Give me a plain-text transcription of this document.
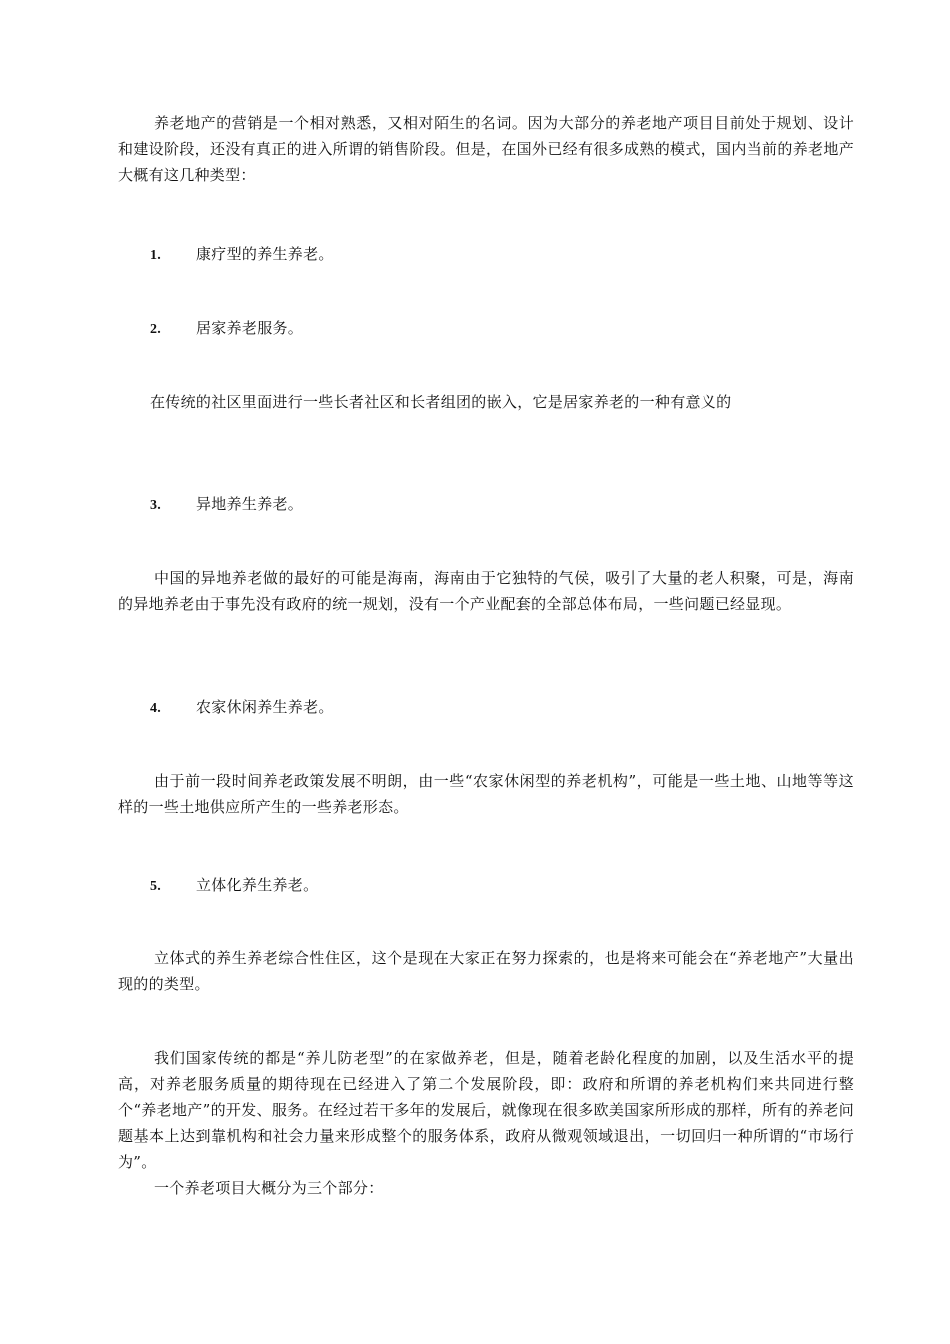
养老地产的营销是一个相对熟悉，又相对陌生的名词。因为大部分的养老地产项目目前处于规划、设计和建设阶段，还没有真正的进入所谓的销售阶段。但是，在国外已经有很多成熟的模式，国内当前的养老地产大概有这几种类型：

1. 康疗型的养生养老。

2. 居家养老服务。

在传统的社区里面进行一些长者社区和长者组团的嵌入，它是居家养老的一种有意义的

3. 异地养生养老。

中国的异地养老做的最好的可能是海南，海南由于它独特的气侯，吸引了大量的老人积聚，可是，海南的异地养老由于事先没有政府的统一规划，没有一个产业配套的全部总体布局，一些问题已经显现。

4. 农家休闲养生养老。

由于前一段时间养老政策发展不明朗，由一些“农家休闲型的养老机构”，可能是一些土地、山地等等这样的一些土地供应所产生的一些养老形态。

5. 立体化养生养老。

立体式的养生养老综合性住区，这个是现在大家正在努力探索的，也是将来可能会在“养老地产”大量出现的的类型。

我们国家传统的都是“养儿防老型”的在家做养老，但是，随着老龄化程度的加剧，以及生活水平的提高，对养老服务质量的期待现在已经进入了第二个发展阶段，即：政府和所谓的养老机构们来共同进行整个“养老地产”的开发、服务。在经过若干多年的发展后，就像现在很多欧美国家所形成的那样，所有的养老问题基本上达到靠机构和社会力量来形成整个的服务体系，政府从微观领域退出，一切回归一种所谓的“市场行为”。

一个养老项目大概分为三个部分：
